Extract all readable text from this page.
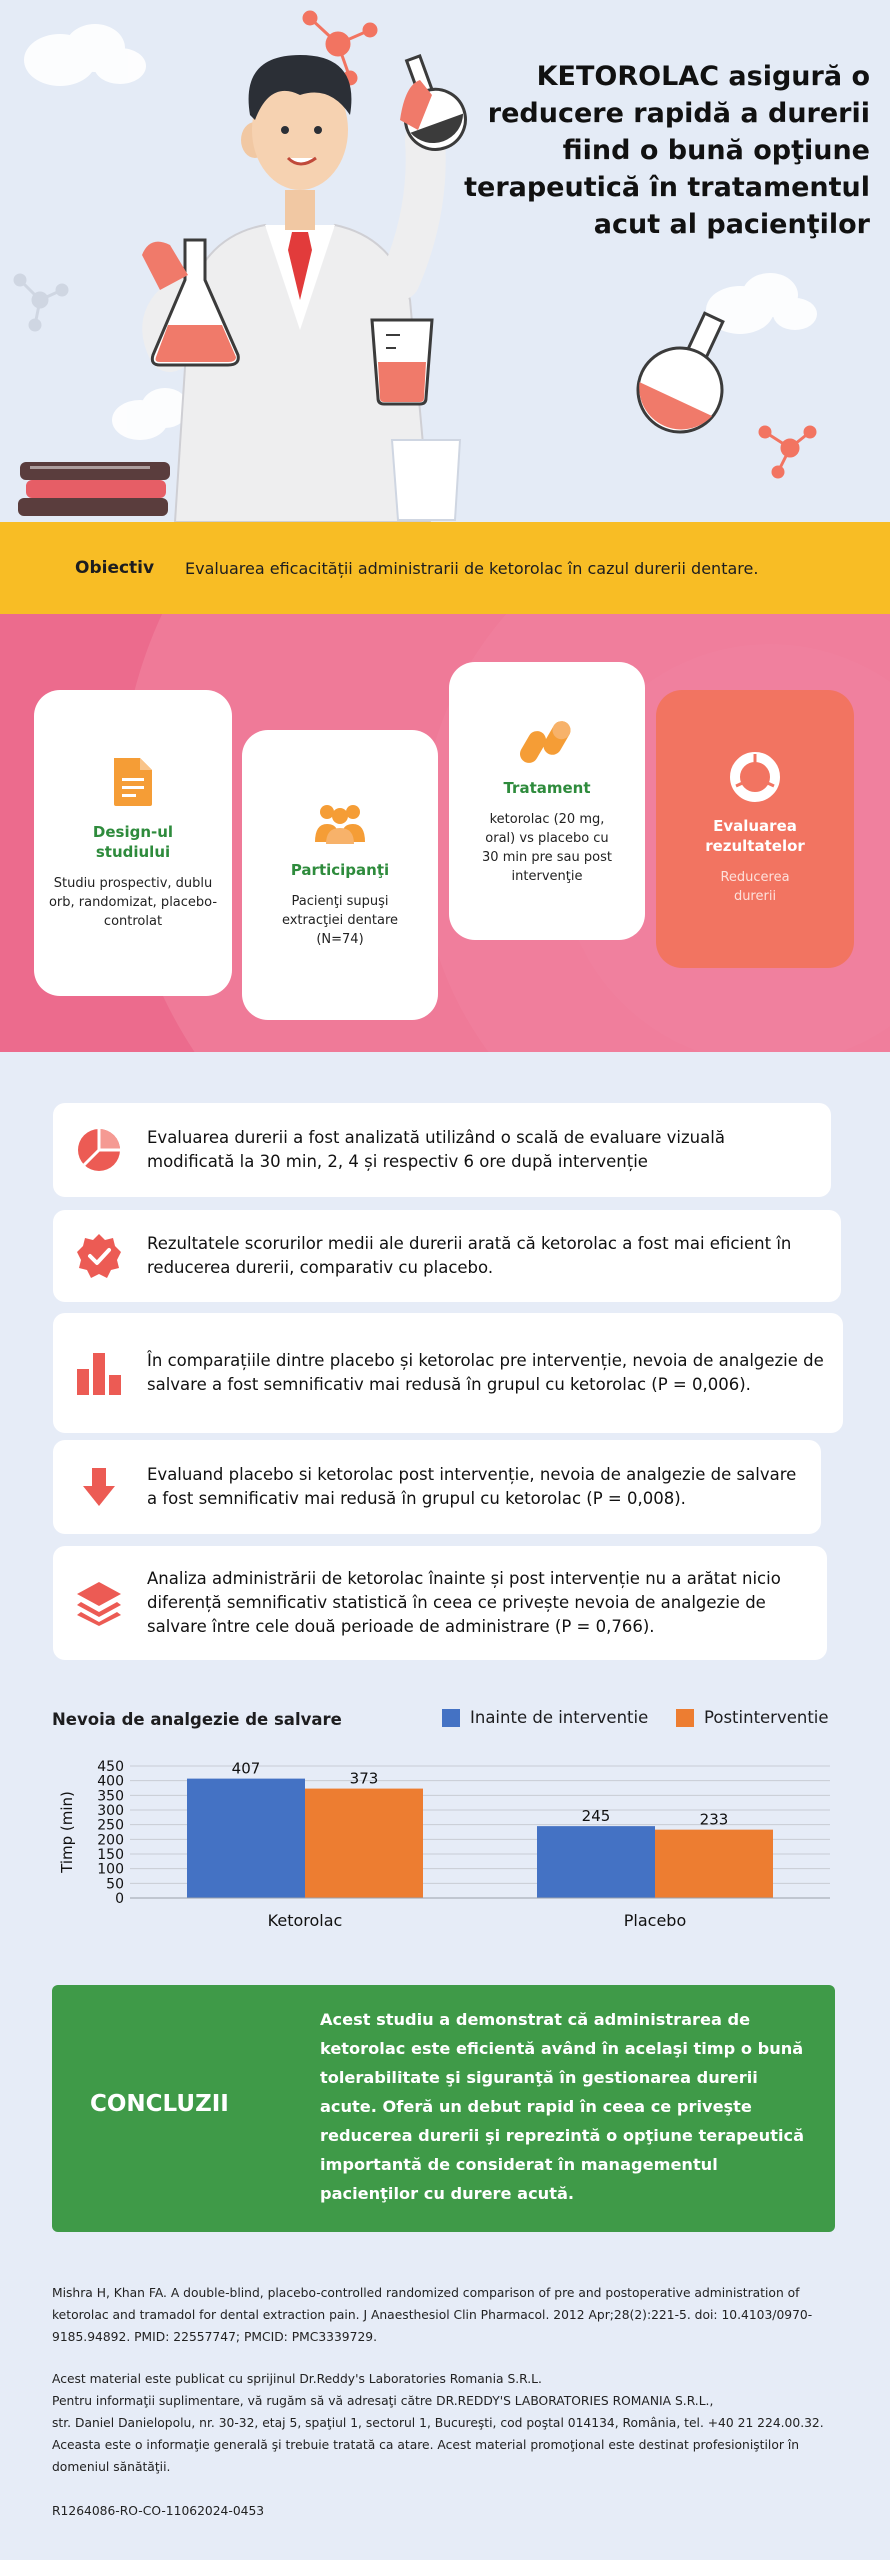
KETOROLAC asigură o reducere rapidă a durerii fiind o bună opţiune terapeutică în tratamentul acut al pacienţilor
Obiectiv	Evaluarea eficacității administrarii de ketorolac în cazul durerii dentare.
Design-ul studiului
Studiu prospectiv, dublu orb, randomizat, placebo-controlat
Participanţi
Pacienţi supuşi extracţiei dentare (N=74)
Tratament
ketorolac (20 mg, oral) vs placebo cu 30 min pre sau post intervenţie
Evaluarea rezultatelor
Reducerea durerii
Evaluarea durerii a fost analizată utilizând o scală de evaluare vizuală modificată la 30 min, 2, 4 și respectiv 6 ore după intervenție
Rezultatele scorurilor medii ale durerii arată că ketorolac a fost mai eficient în reducerea durerii, comparativ cu placebo.
În comparațiile dintre placebo și ketorolac pre intervenție, nevoia de analgezie de salvare a fost semnificativ mai redusă în grupul cu ketorolac (P = 0,006).
Evaluand placebo si ketorolac post intervenție, nevoia de analgezie de salvare a fost semnificativ mai redusă în grupul cu ketorolac (P = 0,008).
Analiza administrării de ketorolac înainte și post intervenție nu a arătat nicio diferență semnificativ statistică în ceea ce privește nevoia de analgezie de salvare între cele două perioade de administrare (P = 0,766).
Nevoia de analgezie de salvare	Inainte de interventie	Postinterventie
0
50
100
150
200
250
300
350
400
450
Timp (min)
407
373
Ketorolac
245	233
Placebo
CONCLUZII
Acest studiu a demonstrat că administrarea de ketorolac este eficientă având în acelaşi timp o bună tolerabilitate şi siguranţă în gestionarea durerii acute. Oferă un debut rapid în ceea ce priveşte reducerea durerii şi reprezintă o opţiune terapeutică importantă de considerat în managementul pacienţilor cu durere acută.
Mishra H, Khan FA. A double-blind, placebo-controlled randomized comparison of pre and postoperative administration of ketorolac and tramadol for dental extraction pain. J Anaesthesiol Clin Pharmacol. 2012 Apr;28(2):221-5. doi: 10.4103/0970-9185.94892. PMID: 22557747; PMCID: PMC3339729.
Acest material este publicat cu sprijinul Dr.Reddy's Laboratories Romania S.R.L.
Pentru informaţii suplimentare, vă rugăm să vă adresaţi către DR.REDDY'S LABORATORIES ROMANIA S.R.L.,
str. Daniel Danielopolu, nr. 30-32, etaj 5, spaţiul 1, sectorul 1, Bucureşti, cod poştal 014134, România, tel. +40 21 224.00.32.
Aceasta este o informaţie generală şi trebuie tratată ca atare. Acest material promoţional este destinat profesioniştilor în domeniul sănătăţii.
R1264086-RO-CO-11062024-0453
